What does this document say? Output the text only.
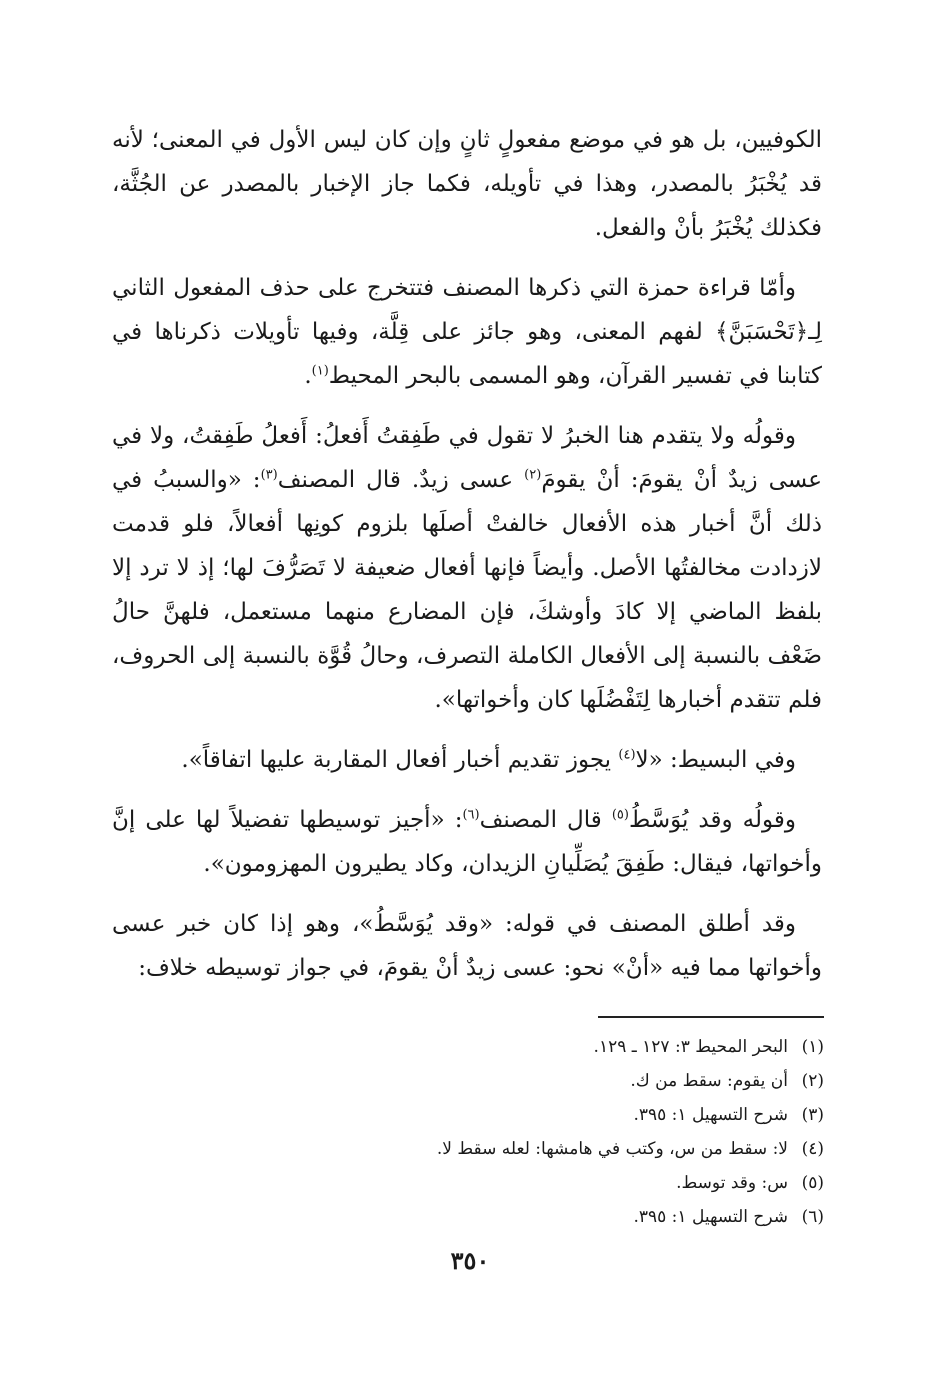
الكوفيين، بل هو في موضع مفعولٍ ثانٍ وإن كان ليس الأول في المعنى؛ لأنه قد يُخْبَرُ بالمصدر، وهذا في تأويله، فكما جاز الإخبار بالمصدر عن الجُثَّة، فكذلك يُخْبَرُ بأنْ والفعل.

وأمّا قراءة حمزة التي ذكرها المصنف فتتخرج على حذف المفعول الثاني لِـ﴿تَحْسَبَنَّ﴾ لفهم المعنى، وهو جائز على قِلَّة، وفيها تأويلات ذكرناها في كتابنا في تفسير القرآن، وهو المسمى بالبحر المحيط$^{(١)}$.

وقولُه ولا يتقدم هنا الخبرُ لا تقول في طَفِقتُ أَفعلُ: أَفعلُ طَفِقتُ، ولا في عسى زيدٌ أنْ يقومَ: أنْ يقومَ$^{(٢)}$ عسى زيدٌ. قال المصنف$^{(٣)}$: «والسببُ في ذلك أنَّ أخبار هذه الأفعال خالفتْ أصلَها بلزوم كونِها أفعالاً، فلو قدمت لازدادت مخالفتُها الأصل. وأيضاً فإنها أفعال ضعيفة لا تَصَرُّفَ لها؛ إذ لا ترد إلا بلفظ الماضي إلا كادَ وأوشكَ، فإن المضارع منهما مستعمل، فلهنَّ حالُ ضَعْف بالنسبة إلى الأفعال الكاملة التصرف، وحالُ قُوَّة بالنسبة إلى الحروف، فلم تتقدم أخبارها لِتَفْضُلَها كان وأخواتها».

وفي البسيط: «لا$^{(٤)}$ يجوز تقديم أخبار أفعال المقاربة عليها اتفاقاً».

وقولُه وقد يُوَسَّطُ$^{(٥)}$ قال المصنف$^{(٦)}$: «أجيز توسيطها تفضيلاً لها على إنَّ وأخواتها، فيقال: طَفِقَ يُصَلِّيانِ الزيدان، وكاد يطيرون المهزومون».

وقد أطلق المصنف في قوله: «وقد يُوَسَّطُ»، وهو إذا كان خبر عسى وأخواتها مما فيه «أنْ» نحو: عسى زيدٌ أنْ يقومَ، في جواز توسيطه خلاف:

(١)البحر المحيط ٣: ١٢٧ ـ ١٢٩.
(٢)أن يقوم: سقط من ك.
(٣)شرح التسهيل ١: ٣٩٥.
(٤)لا: سقط من س، وكتب في هامشها: لعله سقط لا.
(٥)س: وقد توسط.
(٦)شرح التسهيل ١: ٣٩٥.
٣٥٠
